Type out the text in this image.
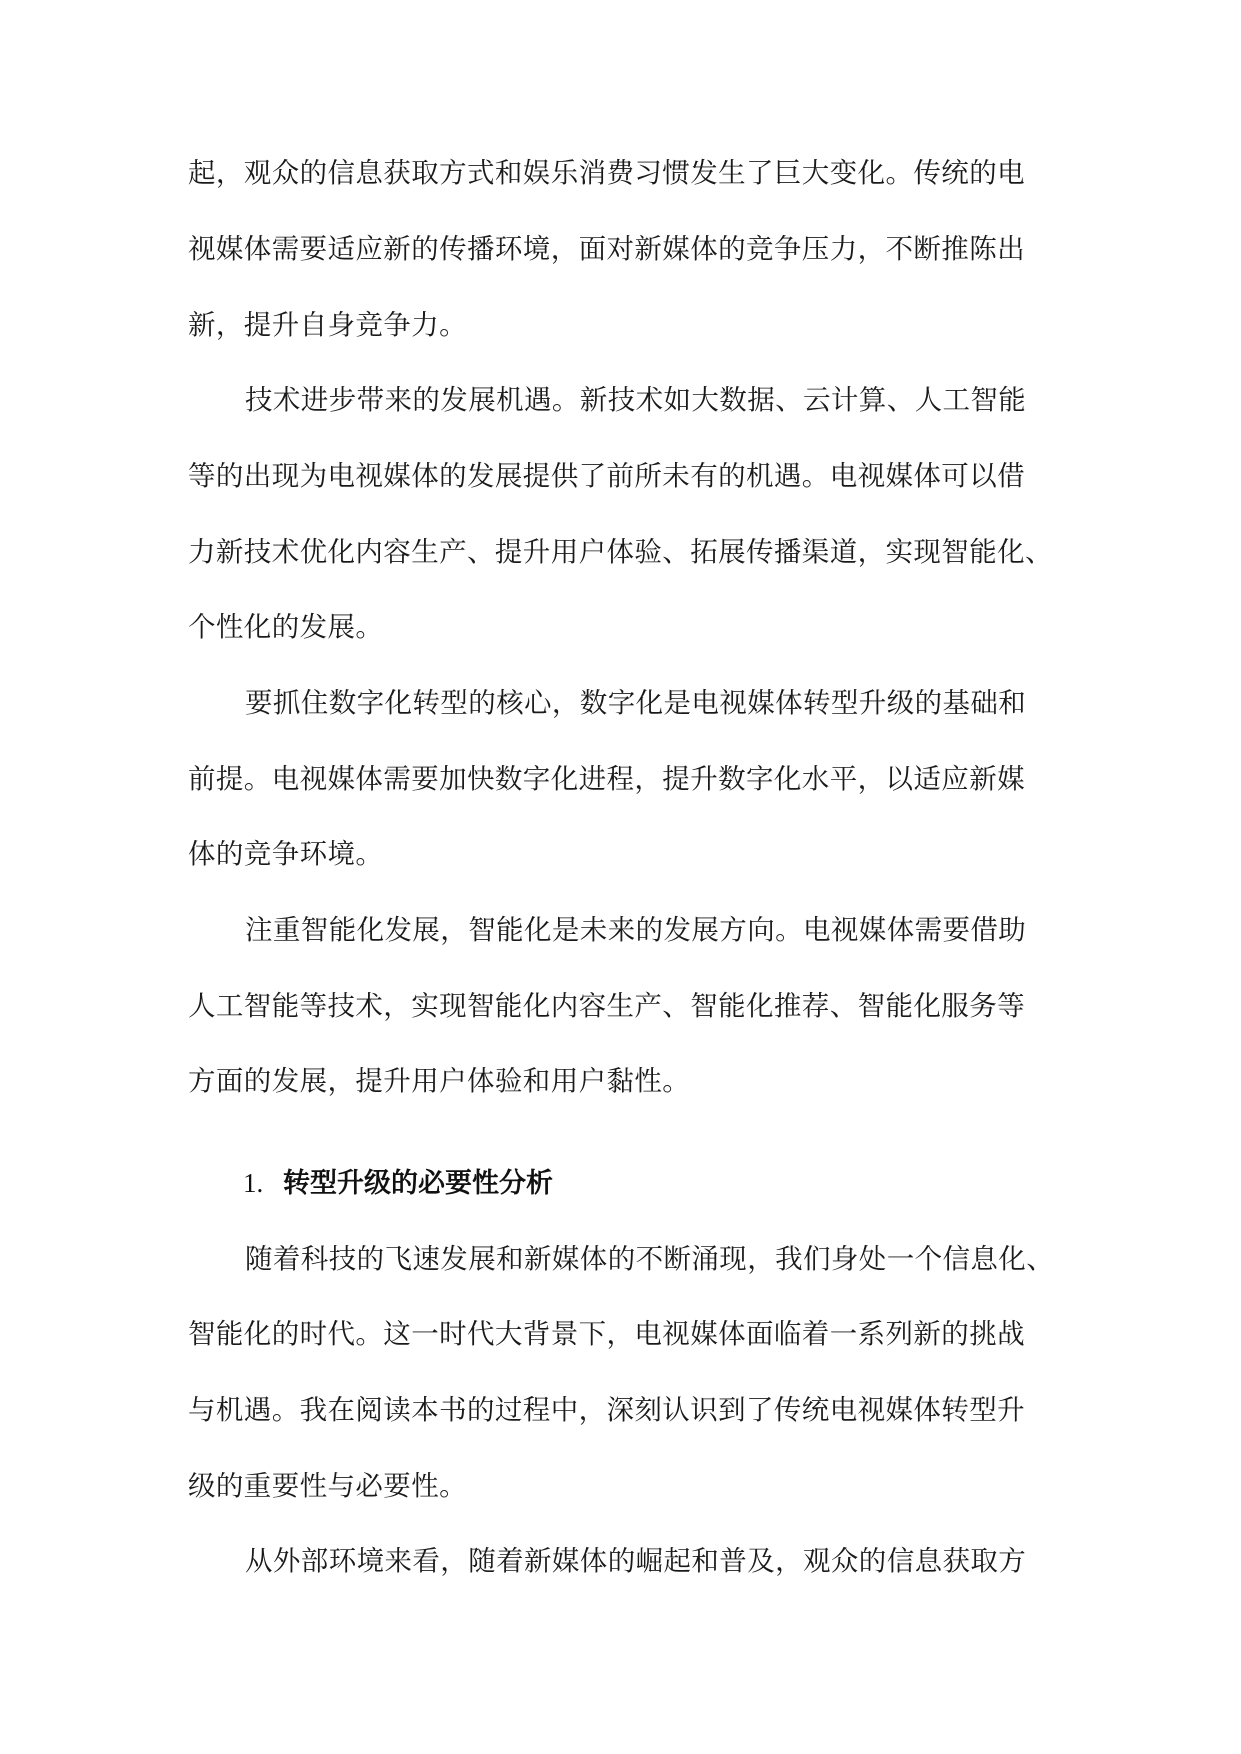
起，观众的信息获取方式和娱乐消费习惯发生了巨大变化。传统的电
视媒体需要适应新的传播环境，面对新媒体的竞争压力，不断推陈出
新，提升自身竞争力。
技术进步带来的发展机遇。新技术如大数据、云计算、人工智能
等的出现为电视媒体的发展提供了前所未有的机遇。电视媒体可以借
力新技术优化内容生产、提升用户体验、拓展传播渠道，实现智能化、
个性化的发展。
要抓住数字化转型的核心，数字化是电视媒体转型升级的基础和
前提。电视媒体需要加快数字化进程，提升数字化水平，以适应新媒
体的竞争环境。
注重智能化发展，智能化是未来的发展方向。电视媒体需要借助
人工智能等技术，实现智能化内容生产、智能化推荐、智能化服务等
方面的发展，提升用户体验和用户黏性。
1. 转型升级的必要性分析
随着科技的飞速发展和新媒体的不断涌现，我们身处一个信息化、
智能化的时代。这一时代大背景下，电视媒体面临着一系列新的挑战
与机遇。我在阅读本书的过程中，深刻认识到了传统电视媒体转型升
级的重要性与必要性。
从外部环境来看，随着新媒体的崛起和普及，观众的信息获取方
